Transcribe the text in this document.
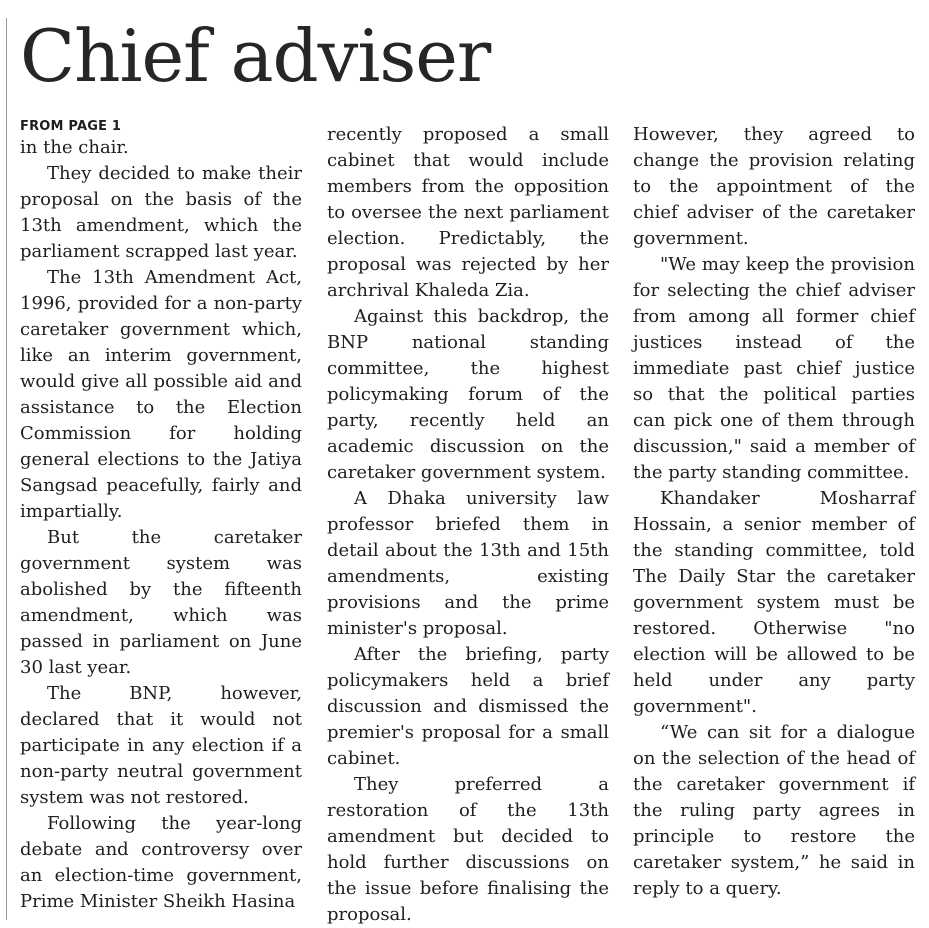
Chief adviser
FROM PAGE 1

in the chair.

They decided to make their proposal on the basis of the 13th amendment, which the parliament scrapped last year.

The 13th Amendment Act, 1996, provided for a non-party caretaker government which, like an interim government, would give all possible aid and assistance to the Election Commission for holding general elections to the Jatiya Sangsad peacefully, fairly and impartially.

But the caretaker government system was abolished by the fifteenth amendment, which was passed in parliament on June 30 last year.

The BNP, however, declared that it would not participate in any election if a non-party neutral government system was not restored.

Following the year-long debate and controversy over an election-time government, Prime Minister Sheikh Hasina

recently proposed a small cabinet that would include members from the opposition to oversee the next parliament election. Predictably, the proposal was rejected by her archrival Khaleda Zia.

Against this backdrop, the BNP national standing committee, the highest policymaking forum of the party, recently held an academic discussion on the caretaker government system.

A Dhaka university law professor briefed them in detail about the 13th and 15th amendments, existing provisions and the prime minister's proposal.

After the briefing, party policymakers held a brief discussion and dismissed the premier's proposal for a small cabinet.

They preferred a restoration of the 13th amendment but decided to hold further discussions on the issue before finalising the proposal.

However, they agreed to change the provision relating to the appointment of the chief adviser of the caretaker government.

"We may keep the provision for selecting the chief adviser from among all former chief justices instead of the immediate past chief justice so that the political parties can pick one of them through discussion," said a member of the party standing committee.

Khandaker Mosharraf Hossain, a senior member of the standing committee, told The Daily Star the caretaker government system must be restored. Otherwise "no election will be allowed to be held under any party government".

“We can sit for a dialogue on the selection of the head of the caretaker government if the ruling party agrees in principle to restore the caretaker system,” he said in reply to a query.
